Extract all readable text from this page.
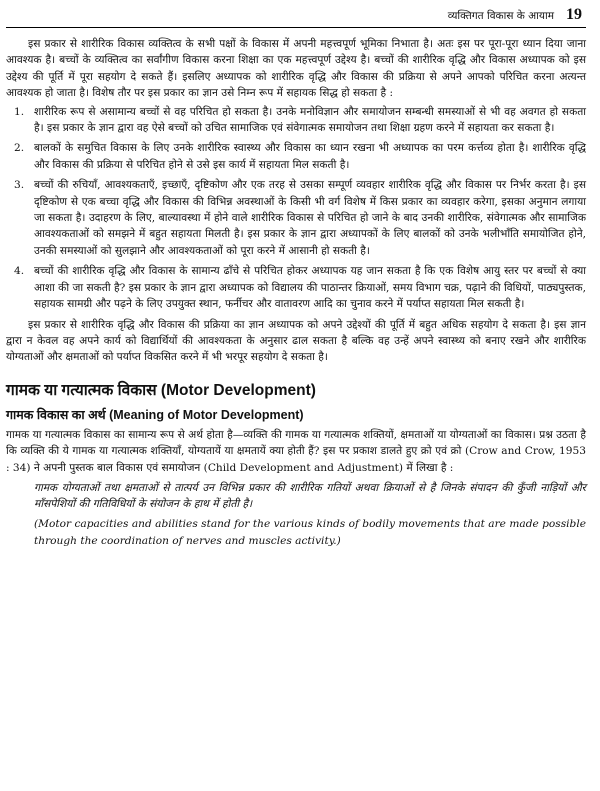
व्यक्तिगत विकास के आयाम 19

इस प्रकार से शारीरिक विकास व्यक्तित्व के सभी पक्षों के विकास में अपनी महत्त्वपूर्ण भूमिका निभाता है। अतः इस पर पूरा-पूरा ध्यान दिया जाना आवश्यक है। बच्चों के व्यक्तित्व का सर्वांगीण विकास करना शिक्षा का एक महत्त्वपूर्ण उद्देश्य है। बच्चों की शारीरिक वृद्धि और विकास अध्यापक को इस उद्देश्य की पूर्ति में पूरा सहयोग दे सकते हैं। इसलिए अध्यापक को शारीरिक वृद्धि और विकास की प्रक्रिया से अपने आपको परिचित करना अत्यन्त आवश्यक हो जाता है। विशेष तौर पर इस प्रकार का ज्ञान उसे निम्न रूप में सहायक सिद्ध हो सकता है :

1. शारीरिक रूप से असामान्य बच्चों से वह परिचित हो सकता है। उनके मनोविज्ञान और समायोजन सम्बन्धी समस्याओं से भी वह अवगत हो सकता है। इस प्रकार के ज्ञान द्वारा वह ऐसे बच्चों को उचित सामाजिक एवं संवेगात्मक समायोजन तथा शिक्षा ग्रहण करने में सहायता कर सकता है।
2. बालकों के समुचित विकास के लिए उनके शारीरिक स्वास्थ्य और विकास का ध्यान रखना भी अध्यापक का परम कर्त्तव्य होता है। शारीरिक वृद्धि और विकास की प्रक्रिया से परिचित होने से उसे इस कार्य में सहायता मिल सकती है।
3. बच्चों की रुचियाँ, आवश्यकताएँ, इच्छाएँ, दृष्टिकोण और एक तरह से उसका सम्पूर्ण व्यवहार शारीरिक वृद्धि और विकास पर निर्भर करता है। इस दृष्टिकोण से एक बच्चा वृद्धि और विकास की विभिन्न अवस्थाओं के किसी भी वर्ग विशेष में किस प्रकार का व्यवहार करेगा, इसका अनुमान लगाया जा सकता है। उदाहरण के लिए, बाल्यावस्था में होने वाले शारीरिक विकास से परिचित हो जाने के बाद उनकी शारीरिक, संवेगात्मक और सामाजिक आवश्यकताओं को समझने में बहुत सहायता मिलती है। इस प्रकार के ज्ञान द्वारा अध्यापकों के लिए बालकों को उनके भलीभाँति समायोजित होने, उनकी समस्याओं को सुलझाने और आवश्यकताओं को पूरा करने में आसानी हो सकती है।
4. बच्चों की शारीरिक वृद्धि और विकास के सामान्य ढाँचे से परिचित होकर अध्यापक यह जान सकता है कि एक विशेष आयु स्तर पर बच्चों से क्या आशा की जा सकती है? इस प्रकार के ज्ञान द्वारा अध्यापक को विद्यालय की पाठान्तर क्रियाओं, समय विभाग चक्र, पढ़ाने की विधियों, पाठ्यपुस्तक, सहायक सामग्री और पढ़ने के लिए उपयुक्त स्थान, फर्नीचर और वातावरण आदि का चुनाव करने में पर्याप्त सहायता मिल सकती है।

इस प्रकार से शारीरिक वृद्धि और विकास की प्रक्रिया का ज्ञान अध्यापक को अपने उद्देश्यों की पूर्ति में बहुत अधिक सहयोग दे सकता है। इस ज्ञान द्वारा न केवल वह अपने कार्य को विद्यार्थियों की आवश्यकता के अनुसार ढाल सकता है बल्कि वह उन्हें अपने स्वास्थ्य को बनाए रखने और शारीरिक योग्यताओं और क्षमताओं को पर्याप्त विकसित करने में भी भरपूर सहयोग दे सकता है।

गामक या गत्यात्मक विकास (Motor Development)
गामक विकास का अर्थ (Meaning of Motor Development)

गामक या गत्यात्मक विकास का सामान्य रूप से अर्थ होता है—व्यक्ति की गामक या गत्यात्मक शक्तियों, क्षमताओं या योग्यताओं का विकास। प्रश्न उठता है कि व्यक्ति की ये गामक या गत्यात्मक शक्तियाँ, योग्यतायें या क्षमतायें क्या होती हैं? इस पर प्रकाश डालते हुए क्रो एवं क्रो (Crow and Crow, 1953 : 34) ने अपनी पुस्तक बाल विकास एवं समायोजन (Child Development and Adjustment) में लिखा है :

गामक योग्यताओं तथा क्षमताओं से तात्पर्य उन विभिन्न प्रकार की शारीरिक गतियों अथवा क्रियाओं से है जिनके संपादन की कुँजी नाड़ियों और माँसपेशियों की गतिविधियों के संयोजन के हाथ में होती है।

(Motor capacities and abilities stand for the various kinds of bodily movements that are made possible through the coordination of nerves and muscles activity.)
